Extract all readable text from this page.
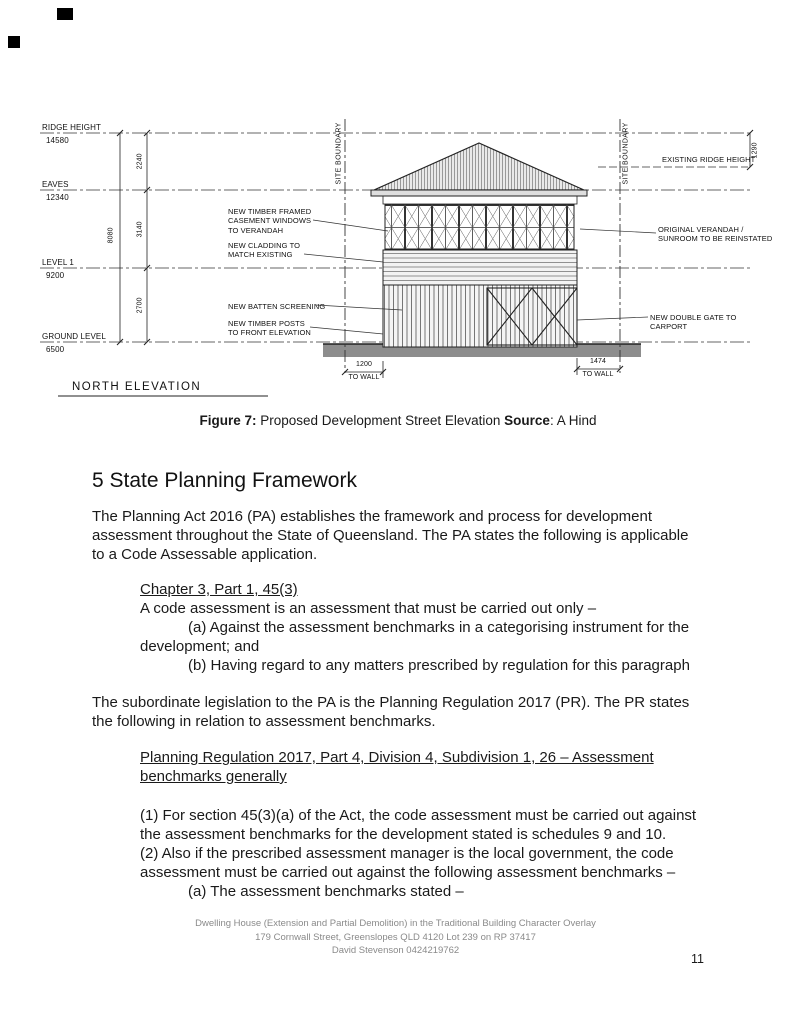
RIDGE HEIGHT
14580
EAVES
12340
LEVEL 1
9200
GROUND LEVEL
6500
8080
2240
3140
2700
1290
SITE BOUNDARY	SITE BOUNDARY
NEW TIMBER FRAMED CASEMENT WINDOWS TO VERANDAH
NEW CLADDING TO MATCH EXISTING
NEW BATTEN SCREENING
NEW TIMBER POSTS TO FRONT ELEVATION
EXISTING RIDGE HEIGHT
ORIGINAL VERANDAH / SUNROOM TO BE REINSTATED
NEW DOUBLE GATE TO CARPORT
1200
TO WALL
1474
TO WALL
NORTH ELEVATION

Figure 7: Proposed Development Street Elevation Source: A Hind

5 State Planning Framework

The Planning Act 2016 (PA) establishes the framework and process for development assessment throughout the State of Queensland. The PA states the following is applicable to a Code Assessable application.

Chapter 3, Part 1, 45(3)

A code assessment is an assessment that must be carried out only –

(a) Against the assessment benchmarks in a categorising instrument for the development; and

(b) Having regard to any matters prescribed by regulation for this paragraph

The subordinate legislation to the PA is the Planning Regulation 2017 (PR). The PR states the following in relation to assessment benchmarks.

Planning Regulation 2017, Part 4, Division 4, Subdivision 1, 26 – Assessment benchmarks generally

(1) For section 45(3)(a) of the Act, the code assessment must be carried out against the assessment benchmarks for the development stated is schedules 9 and 10.

(2) Also if the prescribed assessment manager is the local government, the code assessment must be carried out against the following assessment benchmarks –

(a) The assessment benchmarks stated –

Dwelling House (Extension and Partial Demolition) in the Traditional Building Character Overlay
179 Cornwall Street, Greenslopes QLD 4120 Lot 239 on RP 37417
David Stevenson 0424219762
11
